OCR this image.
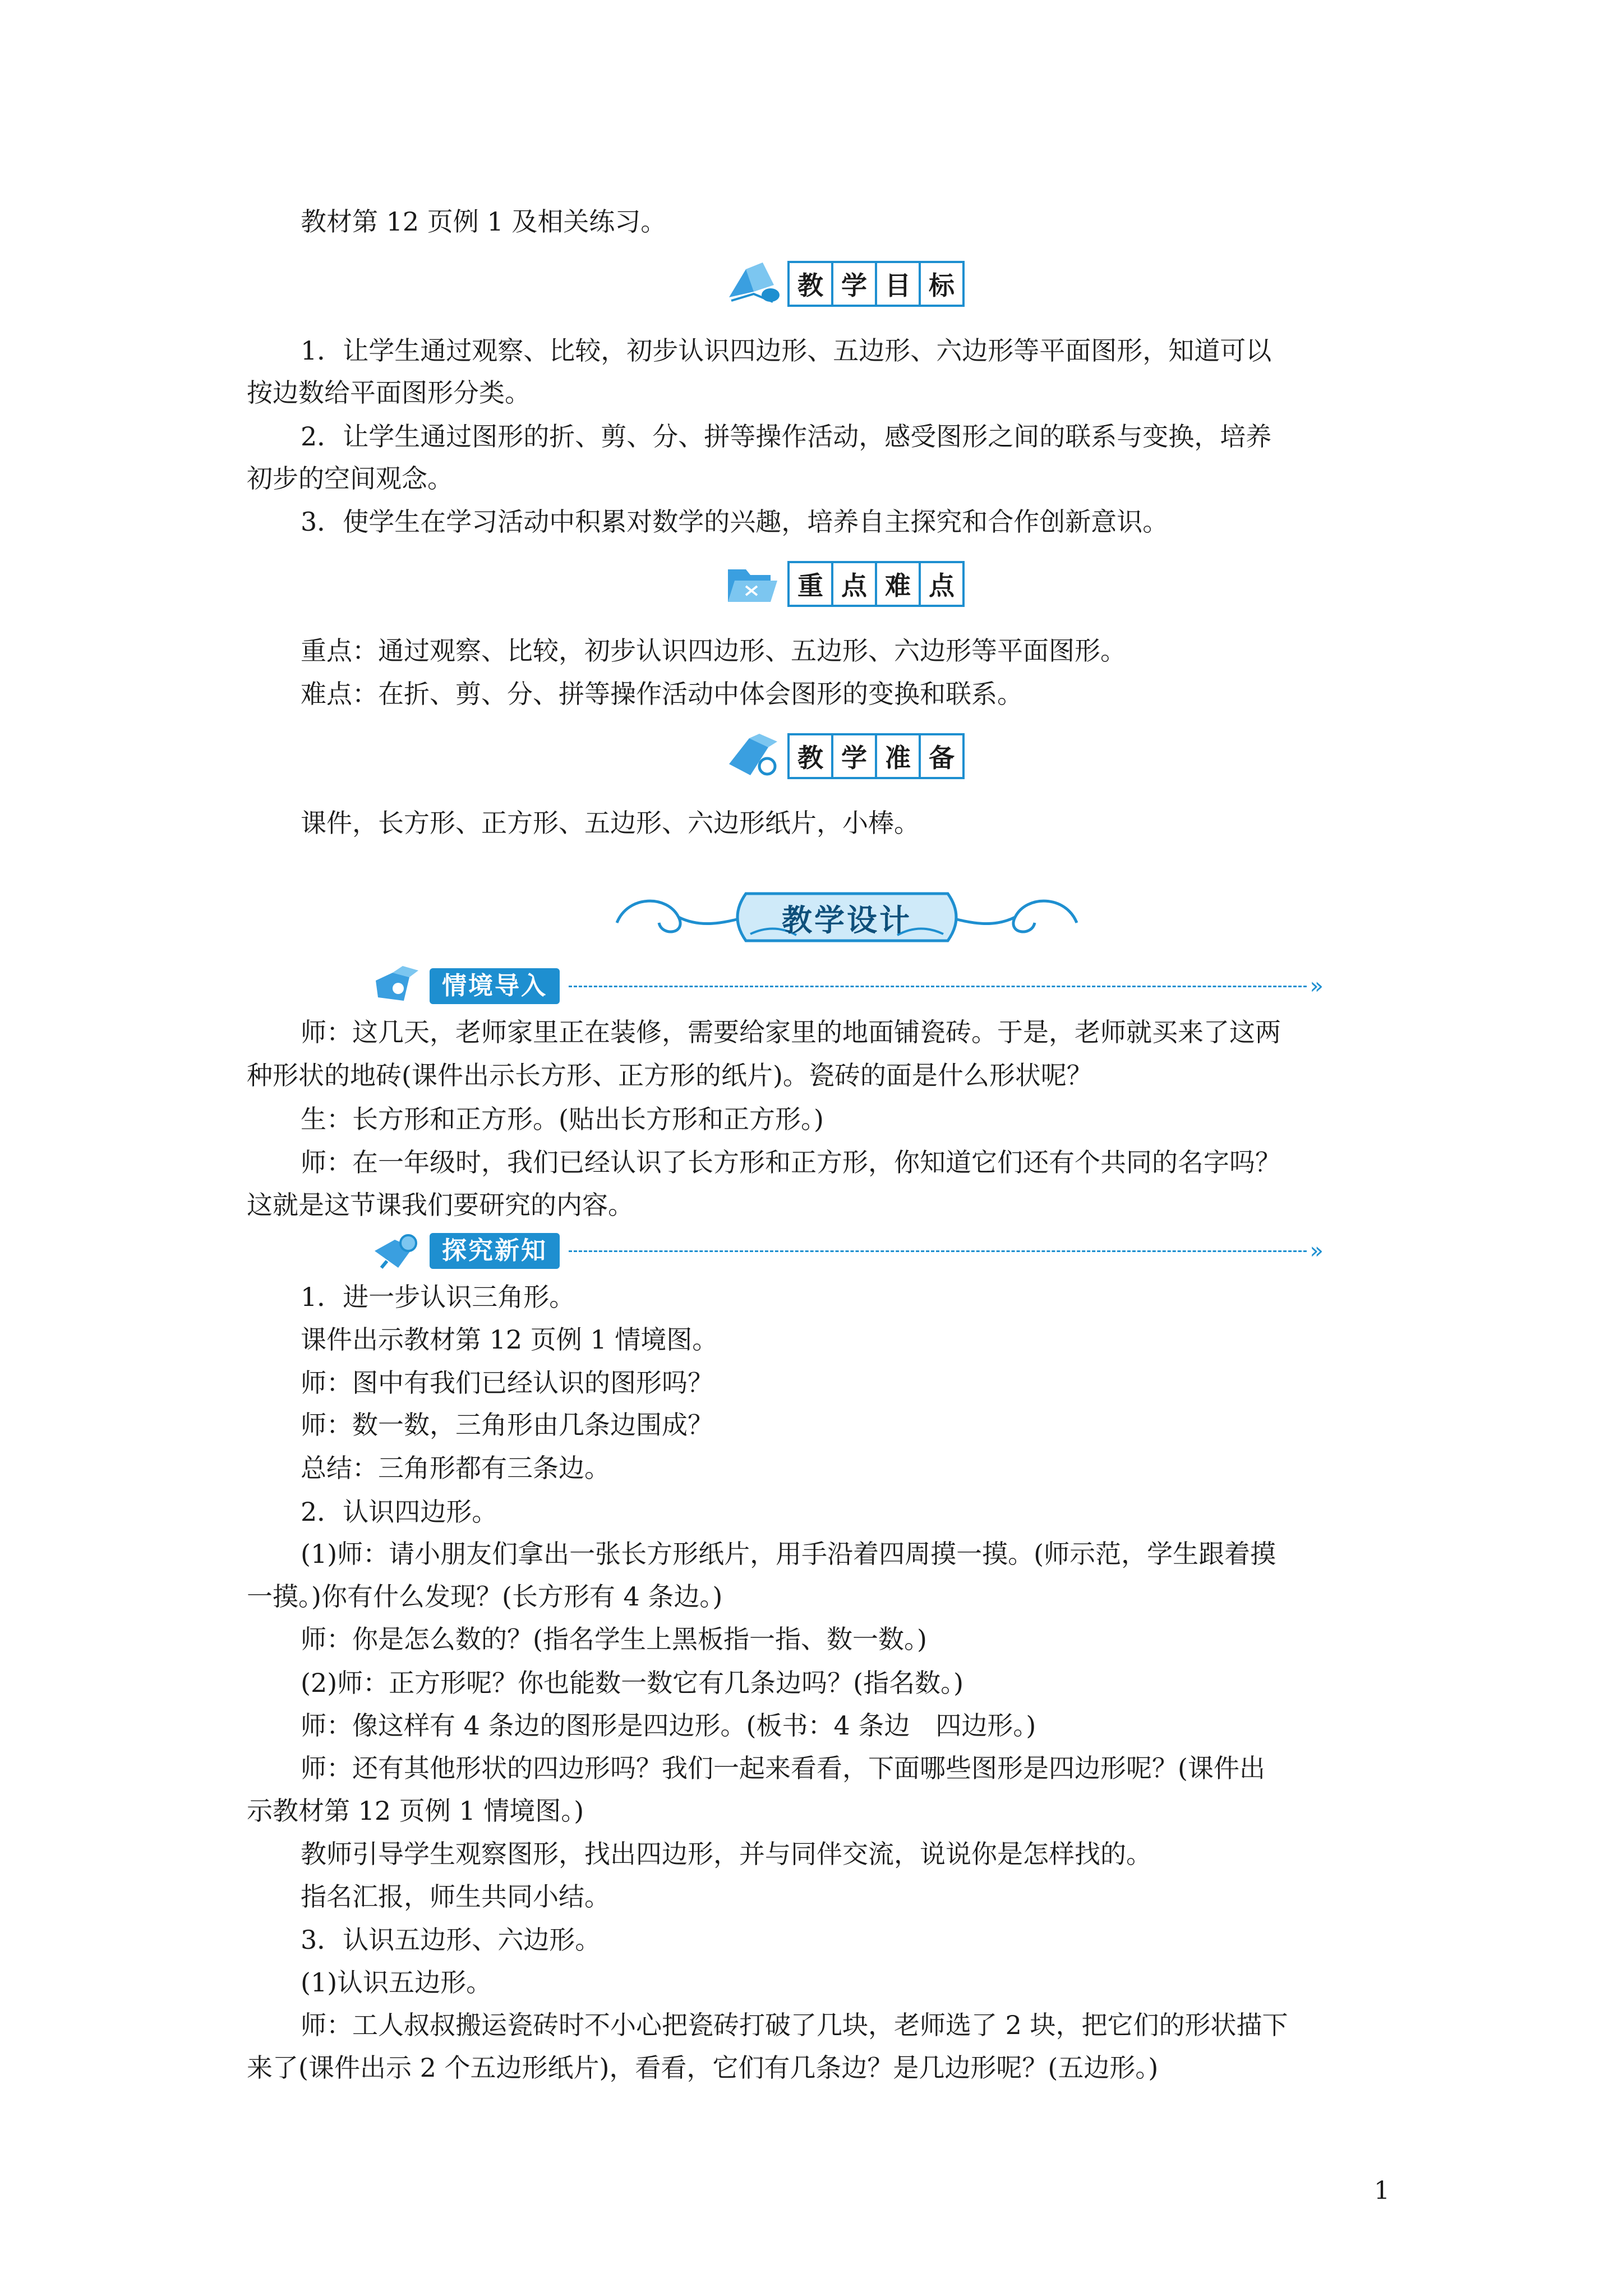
教材第 12 页例 1 及相关练习。
教 学 目 标
1．让学生通过观察、比较，初步认识四边形、五边形、六边形等平面图形，知道可以
按边数给平面图形分类。
2．让学生通过图形的折、剪、分、拼等操作活动，感受图形之间的联系与变换，培养
初步的空间观念。
3．使学生在学习活动中积累对数学的兴趣，培养自主探究和合作创新意识。
重 点 难 点
重点：通过观察、比较，初步认识四边形、五边形、六边形等平面图形。
难点：在折、剪、分、拼等操作活动中体会图形的变换和联系。
教 学 准 备
课件，长方形、正方形、五边形、六边形纸片，小棒。
教学设计
情境导入	»
师：这几天，老师家里正在装修，需要给家里的地面铺瓷砖。于是，老师就买来了这两
种形状的地砖(课件出示长方形、正方形的纸片)。瓷砖的面是什么形状呢？
生：长方形和正方形。(贴出长方形和正方形。)
师：在一年级时，我们已经认识了长方形和正方形，你知道它们还有个共同的名字吗？
这就是这节课我们要研究的内容。
探究新知	»
1．进一步认识三角形。
课件出示教材第 12 页例 1 情境图。
师：图中有我们已经认识的图形吗？
师：数一数，三角形由几条边围成？
总结：三角形都有三条边。
2．认识四边形。
(1)师：请小朋友们拿出一张长方形纸片，用手沿着四周摸一摸。(师示范，学生跟着摸
一摸。)你有什么发现？(长方形有 4 条边。)
师：你是怎么数的？(指名学生上黑板指一指、数一数。)
(2)师：正方形呢？你也能数一数它有几条边吗？(指名数。)
师：像这样有 4 条边的图形是四边形。(板书：4 条边　四边形。)
师：还有其他形状的四边形吗？我们一起来看看，下面哪些图形是四边形呢？(课件出
示教材第 12 页例 1 情境图。)
教师引导学生观察图形，找出四边形，并与同伴交流，说说你是怎样找的。
指名汇报，师生共同小结。
3．认识五边形、六边形。
(1)认识五边形。
师：工人叔叔搬运瓷砖时不小心把瓷砖打破了几块，老师选了 2 块，把它们的形状描下
来了(课件出示 2 个五边形纸片)，看看，它们有几条边？是几边形呢？(五边形。)
1
